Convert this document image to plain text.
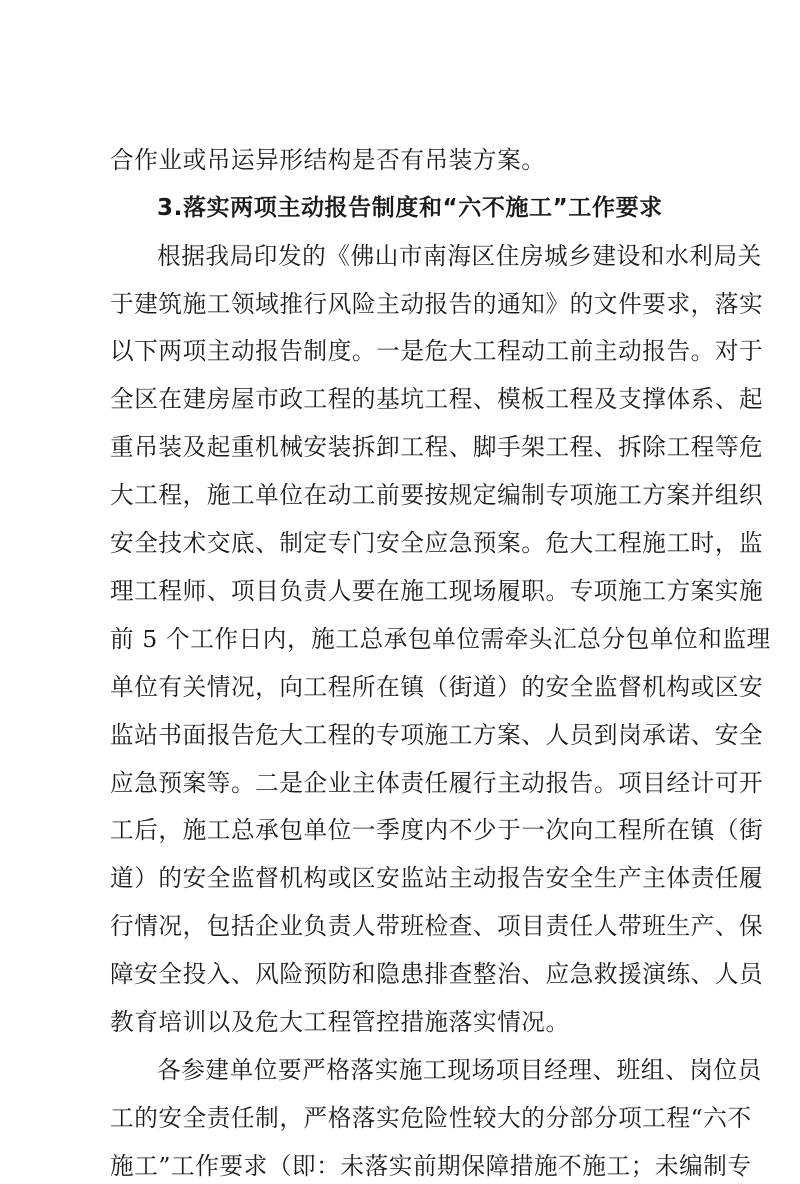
合作业或吊运异形结构是否有吊装方案。
3.落实两项主动报告制度和“六不施工”工作要求
根据我局印发的《佛山市南海区住房城乡建设和水利局关
于建筑施工领域推行风险主动报告的通知》的文件要求，落实
以下两项主动报告制度。一是危大工程动工前主动报告。对于
全区在建房屋市政工程的基坑工程、模板工程及支撑体系、起
重吊装及起重机械安装拆卸工程、脚手架工程、拆除工程等危
大工程，施工单位在动工前要按规定编制专项施工方案并组织
安全技术交底、制定专门安全应急预案。危大工程施工时，监
理工程师、项目负责人要在施工现场履职。专项施工方案实施
前 5 个工作日内，施工总承包单位需牵头汇总分包单位和监理
单位有关情况，向工程所在镇（街道）的安全监督机构或区安
监站书面报告危大工程的专项施工方案、人员到岗承诺、安全
应急预案等。二是企业主体责任履行主动报告。项目经计可开
工后，施工总承包单位一季度内不少于一次向工程所在镇（街
道）的安全监督机构或区安监站主动报告安全生产主体责任履
行情况，包括企业负责人带班检查、项目责任人带班生产、保
障安全投入、风险预防和隐患排查整治、应急救援演练、人员
教育培训以及危大工程管控措施落实情况。
各参建单位要严格落实施工现场项目经理、班组、岗位员
工的安全责任制，严格落实危险性较大的分部分项工程“六不
施工”工作要求（即：未落实前期保障措施不施工；未编制专
